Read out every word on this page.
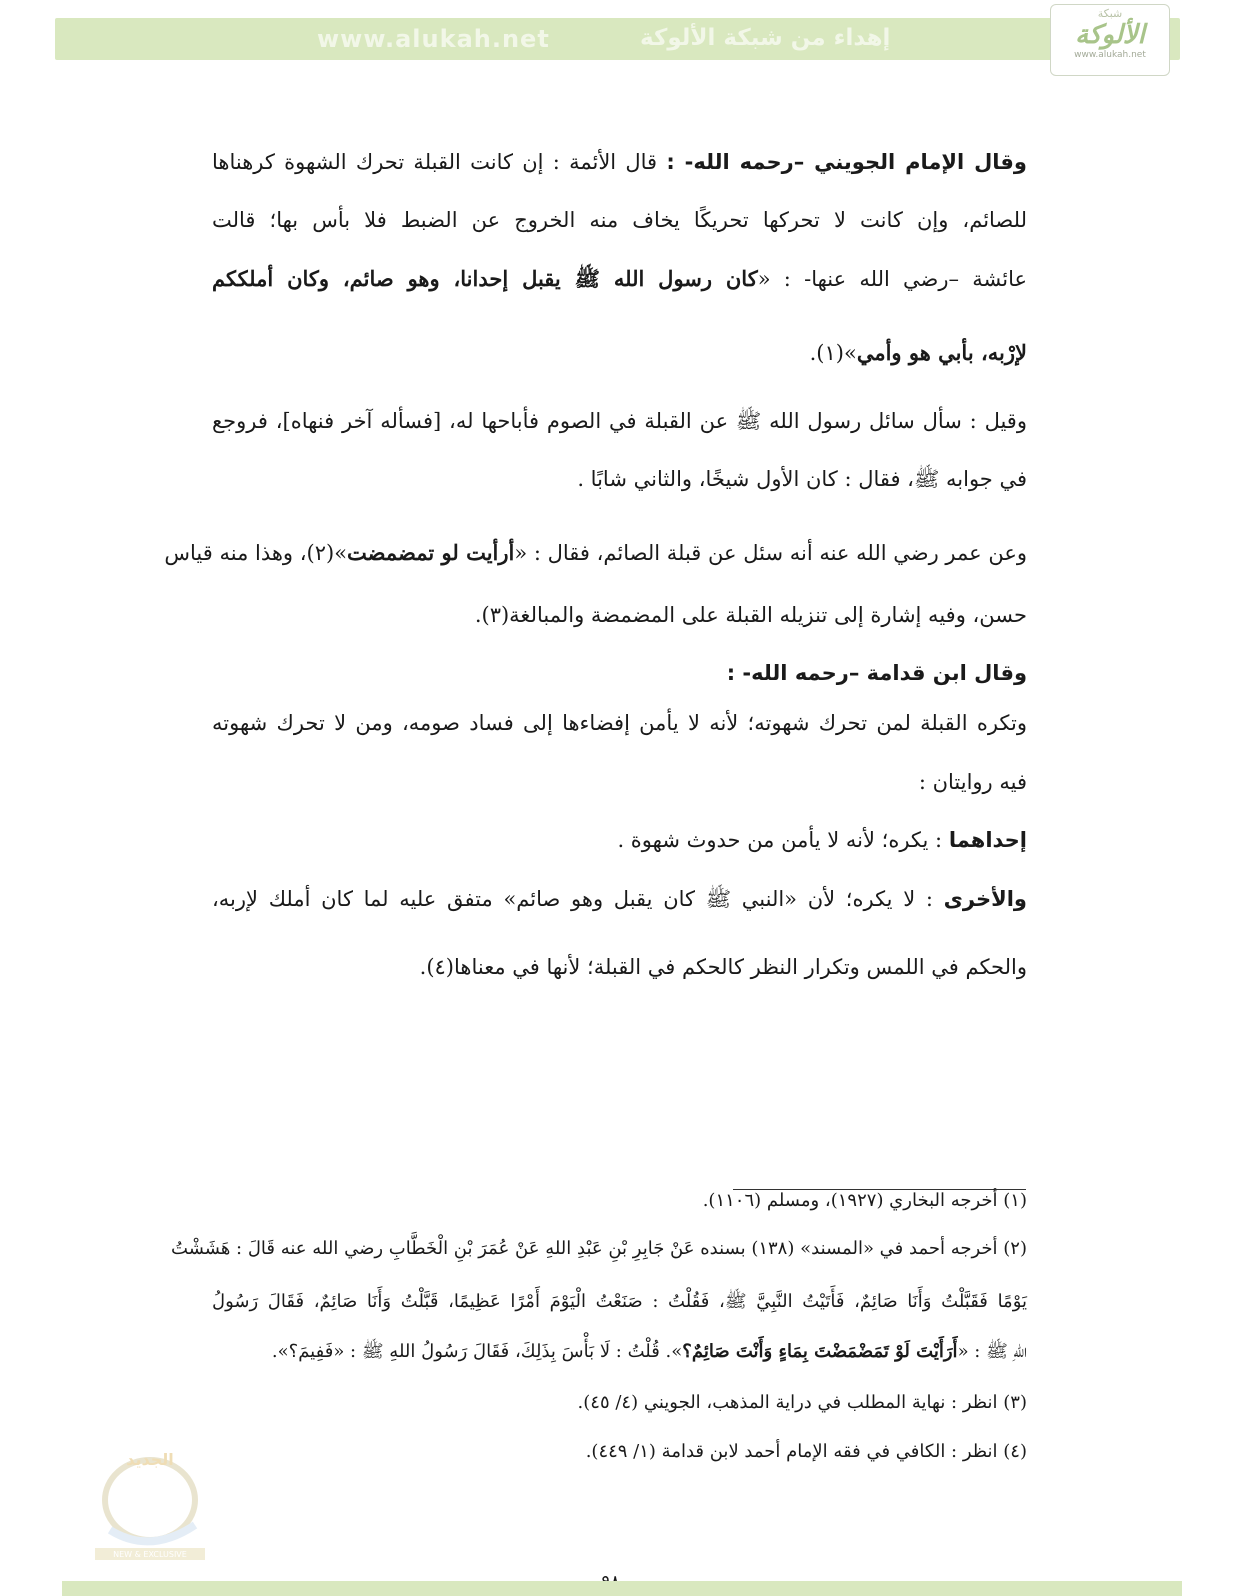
www.alukah.net	إهداء من شبكة الألوكة
شبكة
الألوكة
www.alukah.net
وقال الإمام الجويني –رحمه الله- : قال الأئمة : إن كانت القبلة تحرك الشهوة كرهناها
للصائم، وإن كانت لا تحركها تحريكًا يخاف منه الخروج عن الضبط فلا بأس بها؛ قالت
عائشة –رضي الله عنها- : «كان رسول الله ﷺ يقبل إحدانا، وهو صائم، وكان أملككم
لإرْبه، بأبي هو وأمي»(١).
وقيل : سأل سائل رسول الله ﷺ عن القبلة في الصوم فأباحها له، [فسأله آخر فنهاه]، فروجع
في جوابه ﷺ، فقال : كان الأول شيخًا، والثاني شابًا .
وعن عمر رضي الله عنه أنه سئل عن قبلة الصائم، فقال : «أرأيت لو تمضمضت»(٢)، وهذا منه قياس
حسن، وفيه إشارة إلى تنزيله القبلة على المضمضة والمبالغة(٣).
وقال ابن قدامة –رحمه الله- :
وتكره القبلة لمن تحرك شهوته؛ لأنه لا يأمن إفضاءها إلى فساد صومه، ومن لا تحرك شهوته
فيه روايتان :
إحداهما : يكره؛ لأنه لا يأمن من حدوث شهوة .
والأخرى : لا يكره؛ لأن «النبي ﷺ كان يقبل وهو صائم» متفق عليه لما كان أملك لإربه،
والحكم في اللمس وتكرار النظر كالحكم في القبلة؛ لأنها في معناها(٤).
(١) أخرجه البخاري (١٩٢٧)، ومسلم (١١٠٦).
(٢) أخرجه أحمد في «المسند» (١٣٨) بسنده عَنْ جَابِرِ بْنِ عَبْدِ اللهِ عَنْ عُمَرَ بْنِ الْخَطَّابِ رضي الله عنه قَالَ : هَشَشْتُ
يَوْمًا فَقَبَّلْتُ وَأَنَا صَائِمٌ، فَأَتَيْتُ النَّبِيَّ ﷺ، فَقُلْتُ : صَنَعْتُ الْيَوْمَ أَمْرًا عَظِيمًا، قَبَّلْتُ وَأَنَا صَائِمٌ، فَقَالَ رَسُولُ
اللهِ ﷺ : «أَرَأَيْتَ لَوْ تَمَضْمَضْتَ بِمَاءٍ وَأَنْتَ صَائِمٌ؟». قُلْتُ : لَا بَأْسَ بِذَلِكَ، فَقَالَ رَسُولُ اللهِ ﷺ : «فَفِيمَ؟».
(٣) انظر : نهاية المطلب في دراية المذهب، الجويني (٤/ ٤٥).
(٤) انظر : الكافي في فقه الإمام أحمد لابن قدامة (١/ ٤٤٩).
الجديد
NEW & EXCLUSIVE
